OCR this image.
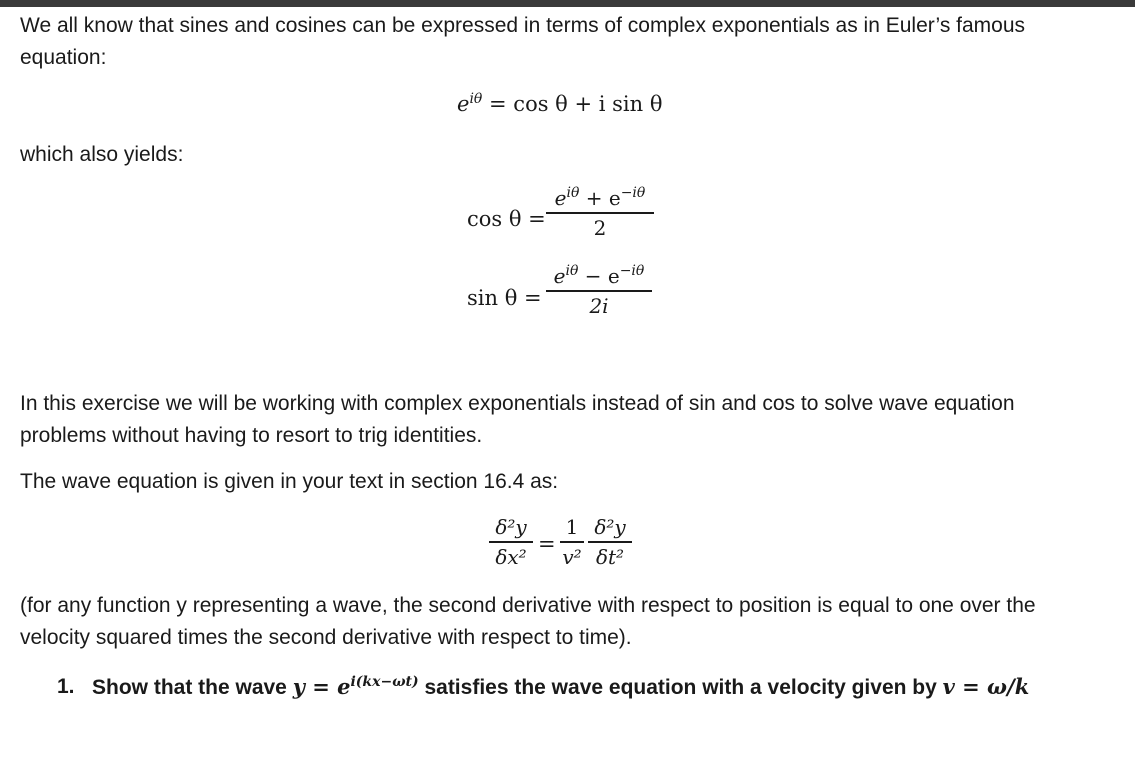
We all know that sines and cosines can be expressed in terms of complex exponentials as in Euler’s famous
equation:
$e^{i\theta} = \cos \theta + i$ sin θ
which also yields:
cos θ =
$e^{i\theta} + e^{-i\theta}$
2
sin θ =
$e^{i\theta} - e^{-i\theta}$
2i
In this exercise we will be working with complex exponentials instead of sin and cos to solve wave equation
problems without having to resort to trig identities.
The wave equation is given in your text in section 16.4 as:
δ²y
δx²
=
1
v²
δ²y
δt²
(for any function y representing a wave, the second derivative with respect to position is equal to one over the
velocity squared times the second derivative with respect to time).
1. Show that the wave $y = e^{i(kx-\omega t)}$ satisfies the wave equation with a velocity given by v = ω/k
